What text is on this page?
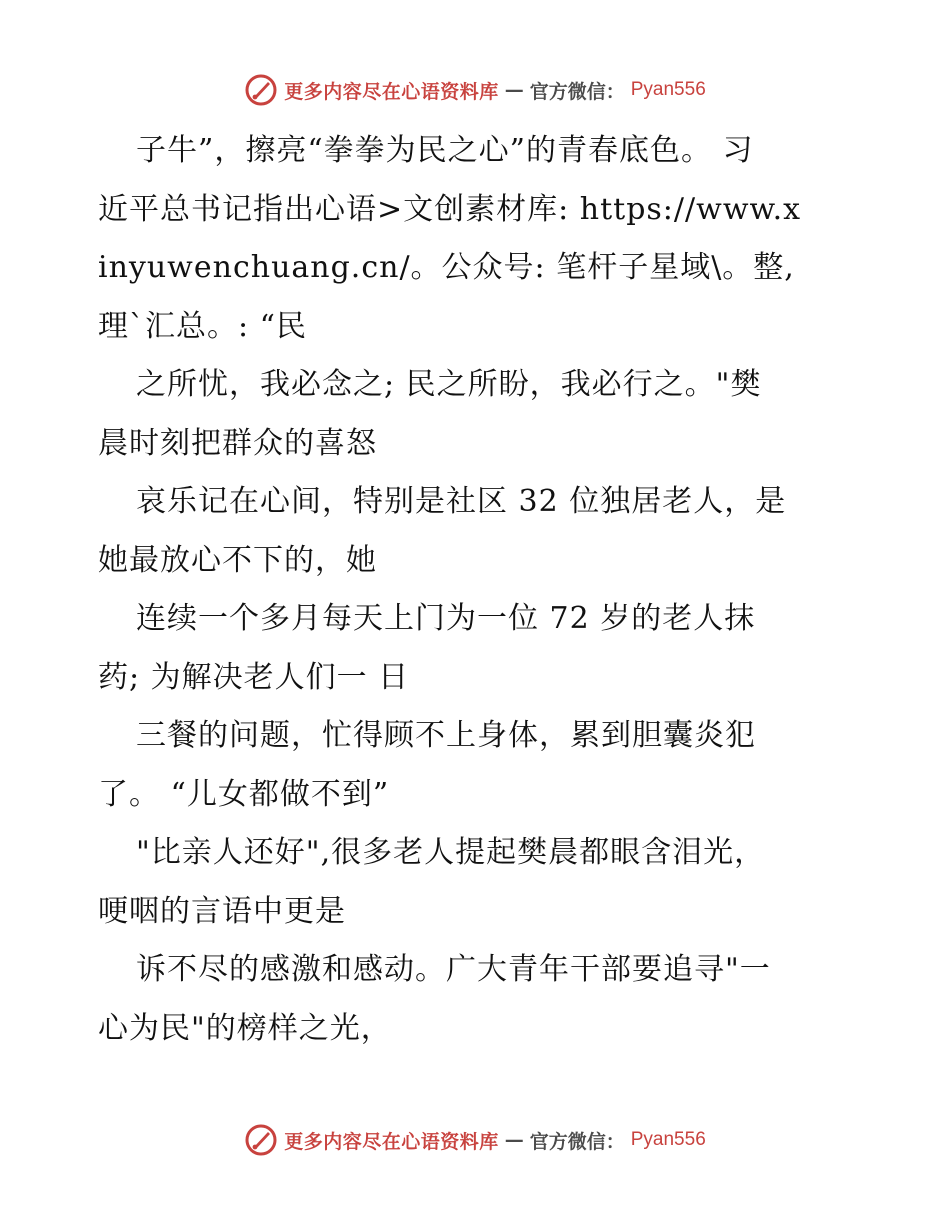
更多内容尽在心语资料库 — 官方微信： Pyan556
子牛”，擦亮“拳拳为民之心”的青春底色。 习
近平总书记指出心语>文创素材库: https://www.x
inyuwenchuang.cn/。公众号: 笔杆子星域\。整,
理`汇总。: “民
之所忧，我必念之; 民之所盼，我必行之。"樊
晨时刻把群众的喜怒
哀乐记在心间，特别是社区 32 位独居老人，是
她最放心不下的，她
连续一个多月每天上门为一位 72 岁的老人抹
药; 为解决老人们一 日
三餐的问题，忙得顾不上身体，累到胆囊炎犯
了。 “儿女都做不到”
"比亲人还好",很多老人提起樊晨都眼含泪光，
哽咽的言语中更是
诉不尽的感激和感动。广大青年干部要追寻"一
心为民"的榜样之光，
更多内容尽在心语资料库 — 官方微信： Pyan556
